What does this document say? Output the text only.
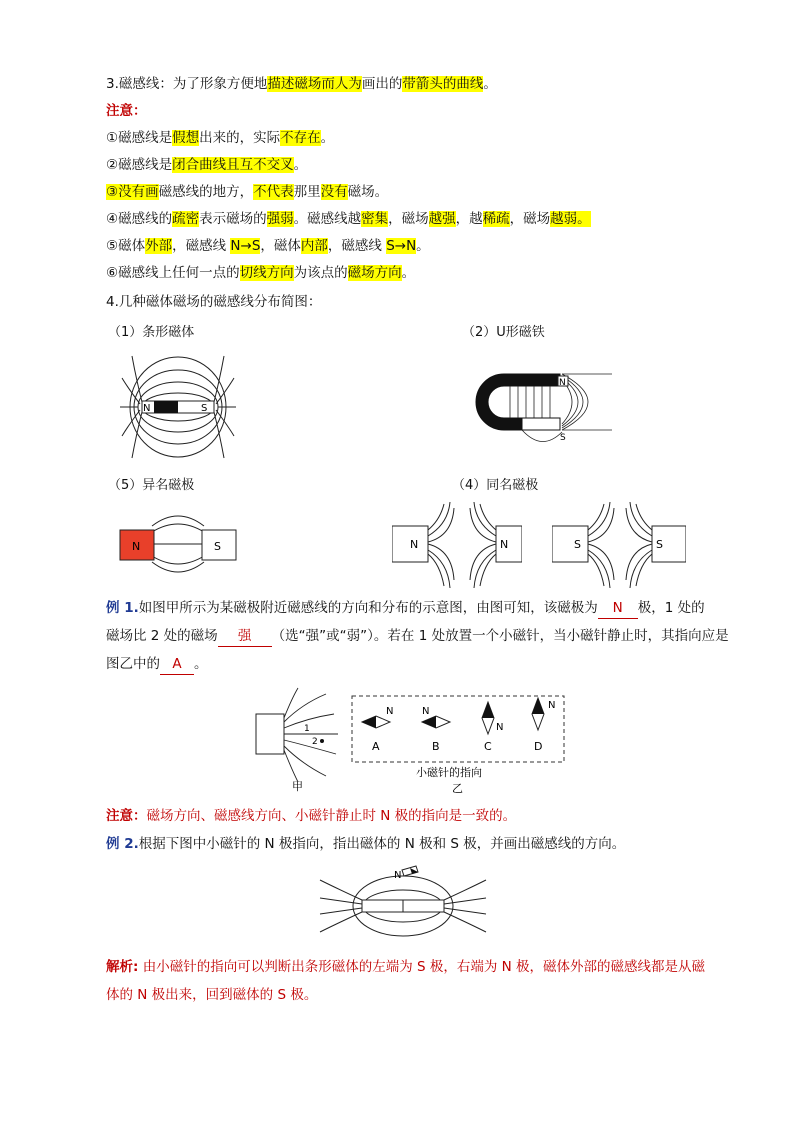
3.磁感线：为了形象方便地描述磁场而人为画出的带箭头的曲线。
注意：
①磁感线是假想出来的，实际不存在。
②磁感线是闭合曲线且互不交叉。
③没有画磁感线的地方，不代表那里没有磁场。
④磁感线的疏密表示磁场的强弱。磁感线越密集，磁场越强，越稀疏，磁场越弱。
⑤磁体外部，磁感线 N→S，磁体内部，磁感线 S→N。
⑥磁感线上任何一点的切线方向为该点的磁场方向。
4.几种磁体磁场的磁感线分布简图：
（1）条形磁体	（2）U形磁铁
（5）异名磁极	（4）同名磁极
N	S
N
S
N	S	N	N	S	S
例 1.如图甲所示为某磁极附近磁感线的方向和分布的示意图，由图可知，该磁极为 N 极，1 处的
磁场比 2 处的磁场 强 （选“强”或“弱”）。若在 1 处放置一个小磁针，当小磁针静止时，其指向应是
图乙中的 A 。
1
2
甲
N	N
N
N
A	B	C	D
小磁针的指向
乙
注意：磁场方向、磁感线方向、小磁针静止时 N 极的指向是一致的。
例 2.根据下图中小磁针的 N 极指向，指出磁体的 N 极和 S 极，并画出磁感线的方向。
N
解析: 由小磁针的指向可以判断出条形磁体的左端为 S 极，右端为 N 极，磁体外部的磁感线都是从磁
体的 N 极出来，回到磁体的 S 极。
